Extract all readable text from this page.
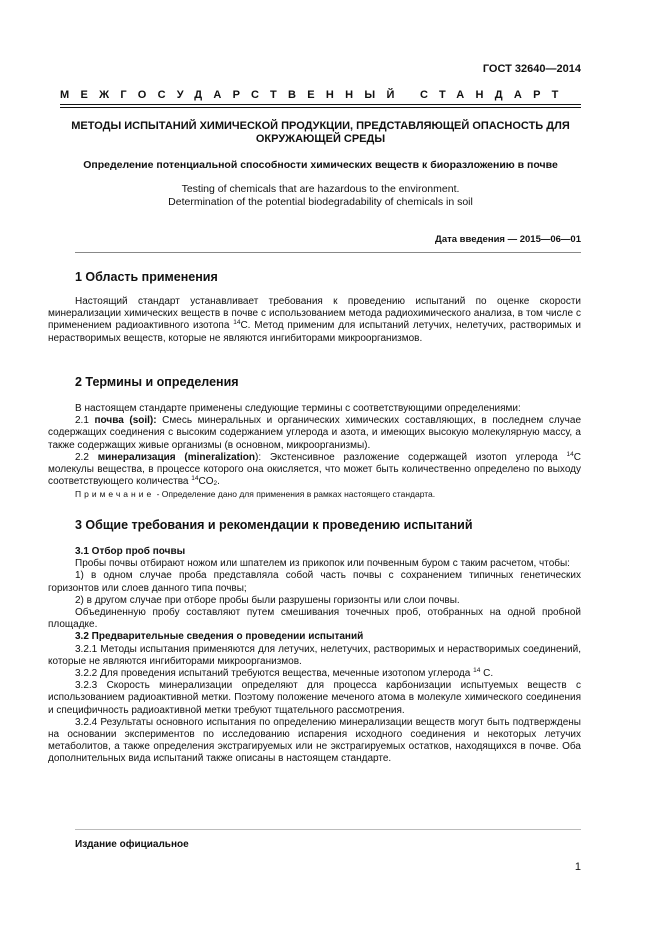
ГОСТ 32640—2014
МЕЖГОСУДАРСТВЕННЫЙ СТАНДАРТ
МЕТОДЫ ИСПЫТАНИЙ ХИМИЧЕСКОЙ ПРОДУКЦИИ, ПРЕДСТАВЛЯЮЩЕЙ ОПАСНОСТЬ ДЛЯ
ОКРУЖАЮЩЕЙ СРЕДЫ
Определение потенциальной способности химических веществ к биоразложению в почве
Testing of chemicals that are hazardous to the environment.
Determination of the potential biodegradability of chemicals in soil
Дата введения — 2015—06—01
1 Область применения

Настоящий стандарт устанавливает требования к проведению испытаний по оценке скорости минерализации химических веществ в почве с использованием метода радиохимического анализа, в том числе с применением радиоактивного изотопа $^{14}$C. Метод применим для испытаний летучих, нелетучих, растворимых и нерастворимых веществ, которые не являются ингибиторами микроорганизмов.

2 Термины и определения

В настоящем стандарте применены следующие термины с соответствующими определениями:

2.1 почва (soil): Смесь минеральных и органических химических составляющих, в последнем случае содержащих соединения с высоким содержанием углерода и азота, и имеющих высокую молекулярную массу, а также содержащих живые организмы (в основном, микроорганизмы).

2.2 минерализация (mineralization): Экстенсивное разложение содержащей изотоп углерода $^{14}$C молекулы вещества, в процессе которого она окисляется, что может быть количественно определено по выходу соответствующего количества $^{14}CO_2$.

Примечание - Определение дано для применения в рамках настоящего стандарта.

3 Общие требования и рекомендации к проведению испытаний

3.1 Отбор проб почвы

Пробы почвы отбирают ножом или шпателем из прикопок или почвенным буром с таким расчетом, чтобы:

1) в одном случае проба представляла собой часть почвы с сохранением типичных генетических горизонтов или слоев данного типа почвы;

2) в другом случае при отборе пробы были разрушены горизонты или слои почвы.

Объединенную пробу составляют путем смешивания точечных проб, отобранных на одной пробной площадке.

3.2 Предварительные сведения о проведении испытаний

3.2.1 Методы испытания применяются для летучих, нелетучих, растворимых и нерастворимых соединений, которые не являются ингибиторами микроорганизмов.

3.2.2 Для проведения испытаний требуются вещества, меченные изотопом углерода $^{14}$ C.

3.2.3 Скорость минерализации определяют для процесса карбонизации испытуемых веществ с использованием радиоактивной метки. Поэтому положение меченого атома в молекуле химического соединения и специфичность радиоактивной метки требуют тщательного рассмотрения.

3.2.4 Результаты основного испытания по определению минерализации веществ могут быть подтверждены на основании экспериментов по исследованию испарения исходного соединения и некоторых летучих метаболитов, а также определения экстрагируемых или не экстрагируемых остатков, находящихся в почве. Оба дополнительных вида испытаний также описаны в настоящем стандарте.

Издание официальное
1
